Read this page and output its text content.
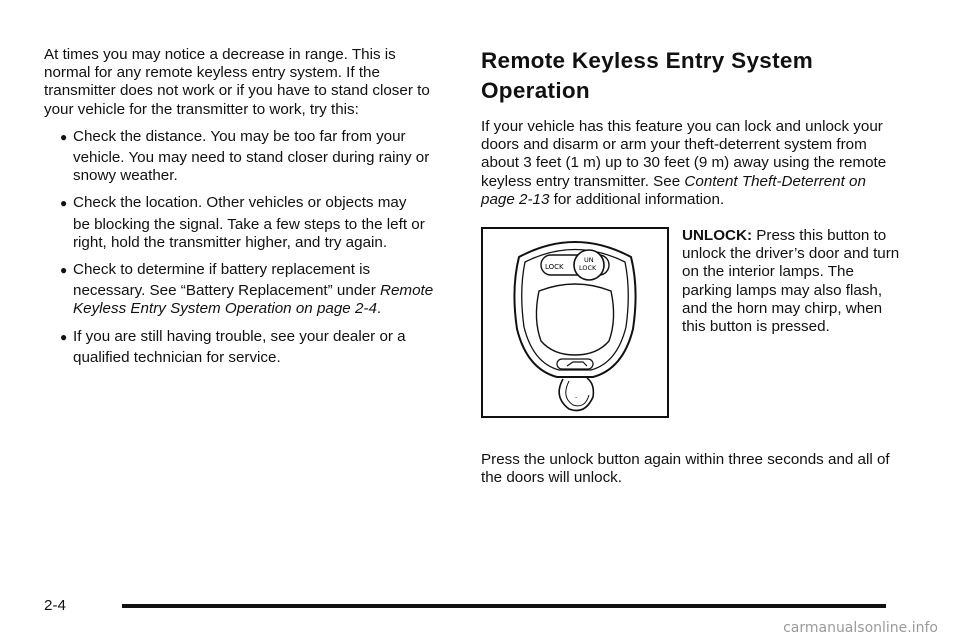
At times you may notice a decrease in range. This is normal for any remote keyless entry system. If the transmitter does not work or if you have to stand closer to your vehicle for the transmitter to work, try this:

● Check the distance. You may be too far from your
vehicle. You may need to stand closer during rainy or snowy weather.
● Check the location. Other vehicles or objects may
be blocking the signal. Take a few steps to the left or right, hold the transmitter higher, and try again.
● Check to determine if battery replacement is
necessary. See “Battery Replacement” under Remote Keyless Entry System Operation on page 2-4.
● If you are still having trouble, see your dealer or a
qualified technician for service.
Remote Keyless Entry System
Operation

If your vehicle has this feature you can lock and unlock your doors and disarm or arm your theft-deterrent system from about 3 feet (1 m) up to 30 feet (9 m) away using the remote keyless entry transmitter. See Content Theft-Deterrent on page 2-13 for additional information.

LOCK
UN
LOCK
-

UNLOCK: Press this button to unlock the driver’s door and turn on the interior lamps. The parking lamps may also flash, and the horn may chirp, when this button is pressed.

Press the unlock button again within three seconds and all of the doors will unlock.

2-4
carmanualsonline.info
